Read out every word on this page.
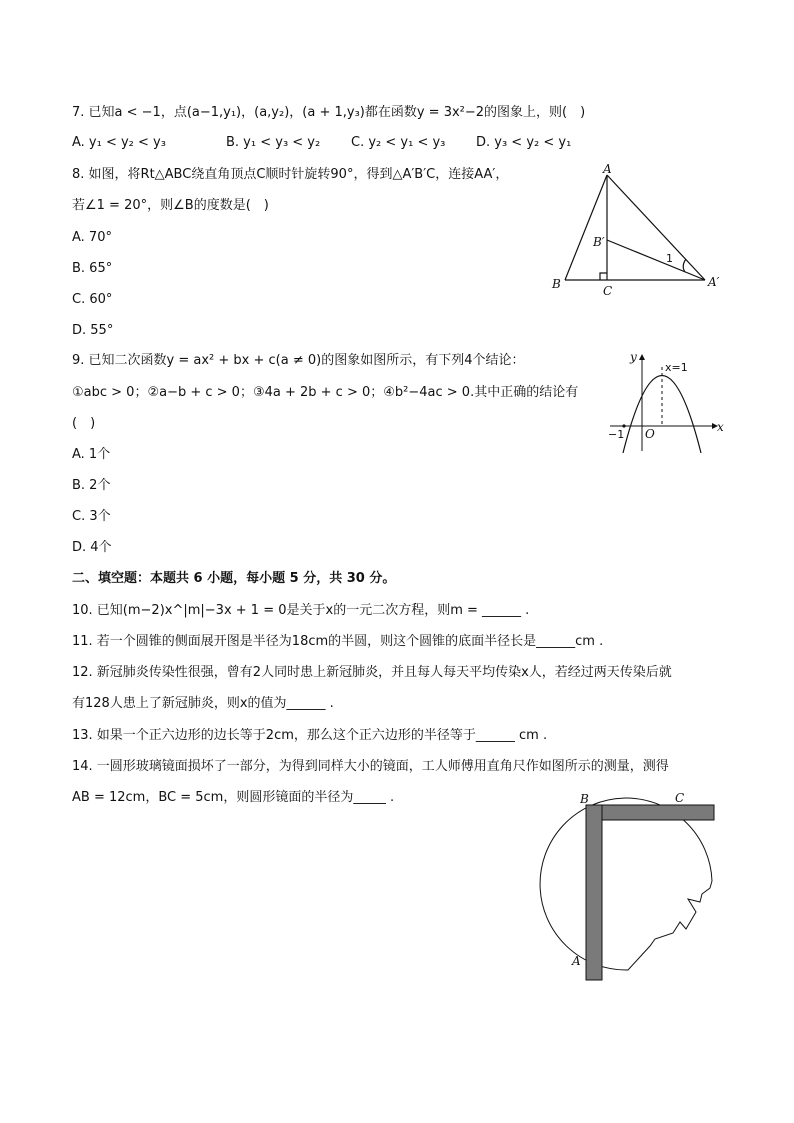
7. 已知a < −1，点(a−1,y₁)，(a,y₂)，(a + 1,y₃)都在函数y = 3x²−2的图象上，则(　)
A. y₁ < y₂ < y₃	B. y₁ < y₃ < y₂ C. y₂ < y₁ < y₃ D. y₃ < y₂ < y₁
8. 如图，将Rt△ABC绕直角顶点C顺时针旋转90°，得到△A′B′C，连接AA′，
若∠1 = 20°，则∠B的度数是(　)
A. 70°
B. 65°
C. 60°
D. 55°
A
B	C
B′
A′
1
9. 已知二次函数y = ax² + bx + c(a ≠ 0)的图象如图所示，有下列4个结论：
①abc > 0；②a−b + c > 0；③4a + 2b + c > 0；④b²−4ac > 0.其中正确的结论有
(　)
A. 1个
B. 2个
C. 3个
D. 4个
y
x
x=1
−1 O
二、填空题：本题共 6 小题，每小题 5 分，共 30 分。
10. 已知(m−2)x^|m|−3x + 1 = 0是关于x的一元二次方程，则m = ______ .
11. 若一个圆锥的侧面展开图是半径为18cm的半圆，则这个圆锥的底面半径长是______cm .
12. 新冠肺炎传染性很强，曾有2人同时患上新冠肺炎，并且每人每天平均传染x人，若经过两天传染后就
有128人患上了新冠肺炎，则x的值为______ .
13. 如果一个正六边形的边长等于2cm，那么这个正六边形的半径等于______ cm .
14. 一圆形玻璃镜面损坏了一部分，为得到同样大小的镜面，工人师傅用直角尺作如图所示的测量，测得
AB = 12cm，BC = 5cm，则圆形镜面的半径为_____ .	B	C
A
